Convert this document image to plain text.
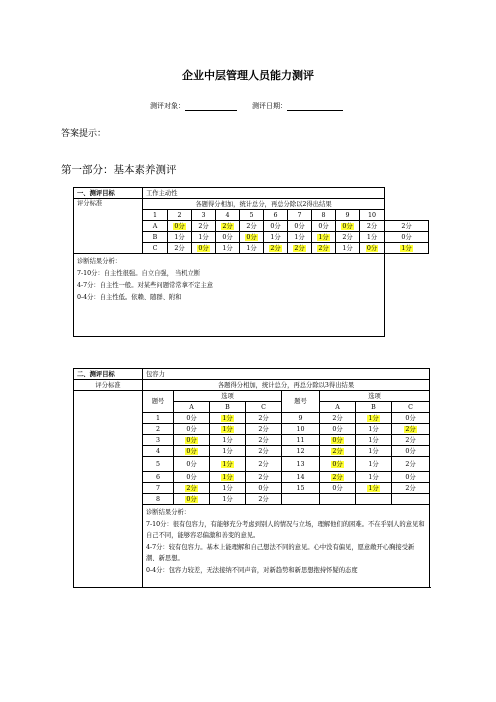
企业中层管理人员能力测评
测评对象：	测评日期：
答案提示：
第一部分：基本素养测评
一、测评目标	工作主动性										
评分标准	各题得分相加，统计总分，再总分除以2得出结果										
	1	2	3	4	5	6	7	8	9	10	
	A	0分	2分	2分	2分	0分	0分	0分	0分	2分	2分
	B	1分	1分	0分	0分	1分	1分	1分	2分	1分	0分
	C	2分	0分	1分	1分	2分	2分	2分	1分	0分	1分

诊断结果分析：
7-10分：自主性很强。自立自强， 当机立断
4-7分：自主性一般。对某些问题常常拿不定主意
0-4分：自主性低。依赖、随群、附和											
二、测评目标	包容力							
评分标准	各题得分相加，统计总分，再总分除以3得出结果							
	题号	选项			题号	选项		
		A	B	C		A	B	C
	1	0分	1分	2分	9	2分	1分	0分
	2	0分	1分	2分	10	0分	1分	2分
	3	0分	1分	2分	11	0分	1分	2分
	4	0分	1分	2分	12	2分	1分	0分
	5	0分	1分	2分	13	0分	1分	2分
	6	0分	1分	2分	14	2分	1分	0分
	7	2分	1分	0分	15	0分	1分	2分
	8	0分	1分	2分				

	诊断结果分析：
7-10分：很有包容力，有能够充分考虑到别人的情况与立场，理解他们的困难。不在乎别人的意见和自己不同，能够容忍偏激和善变的意见。
4-7分：较有包容力。基本上能理解和自己想法不同的意见。心中没有偏见，愿意敞开心胸接受新潮、新思想。
0-4分：包容力较差，无法接纳不同声音，对新趋势和新思想抱持怀疑的态度							
